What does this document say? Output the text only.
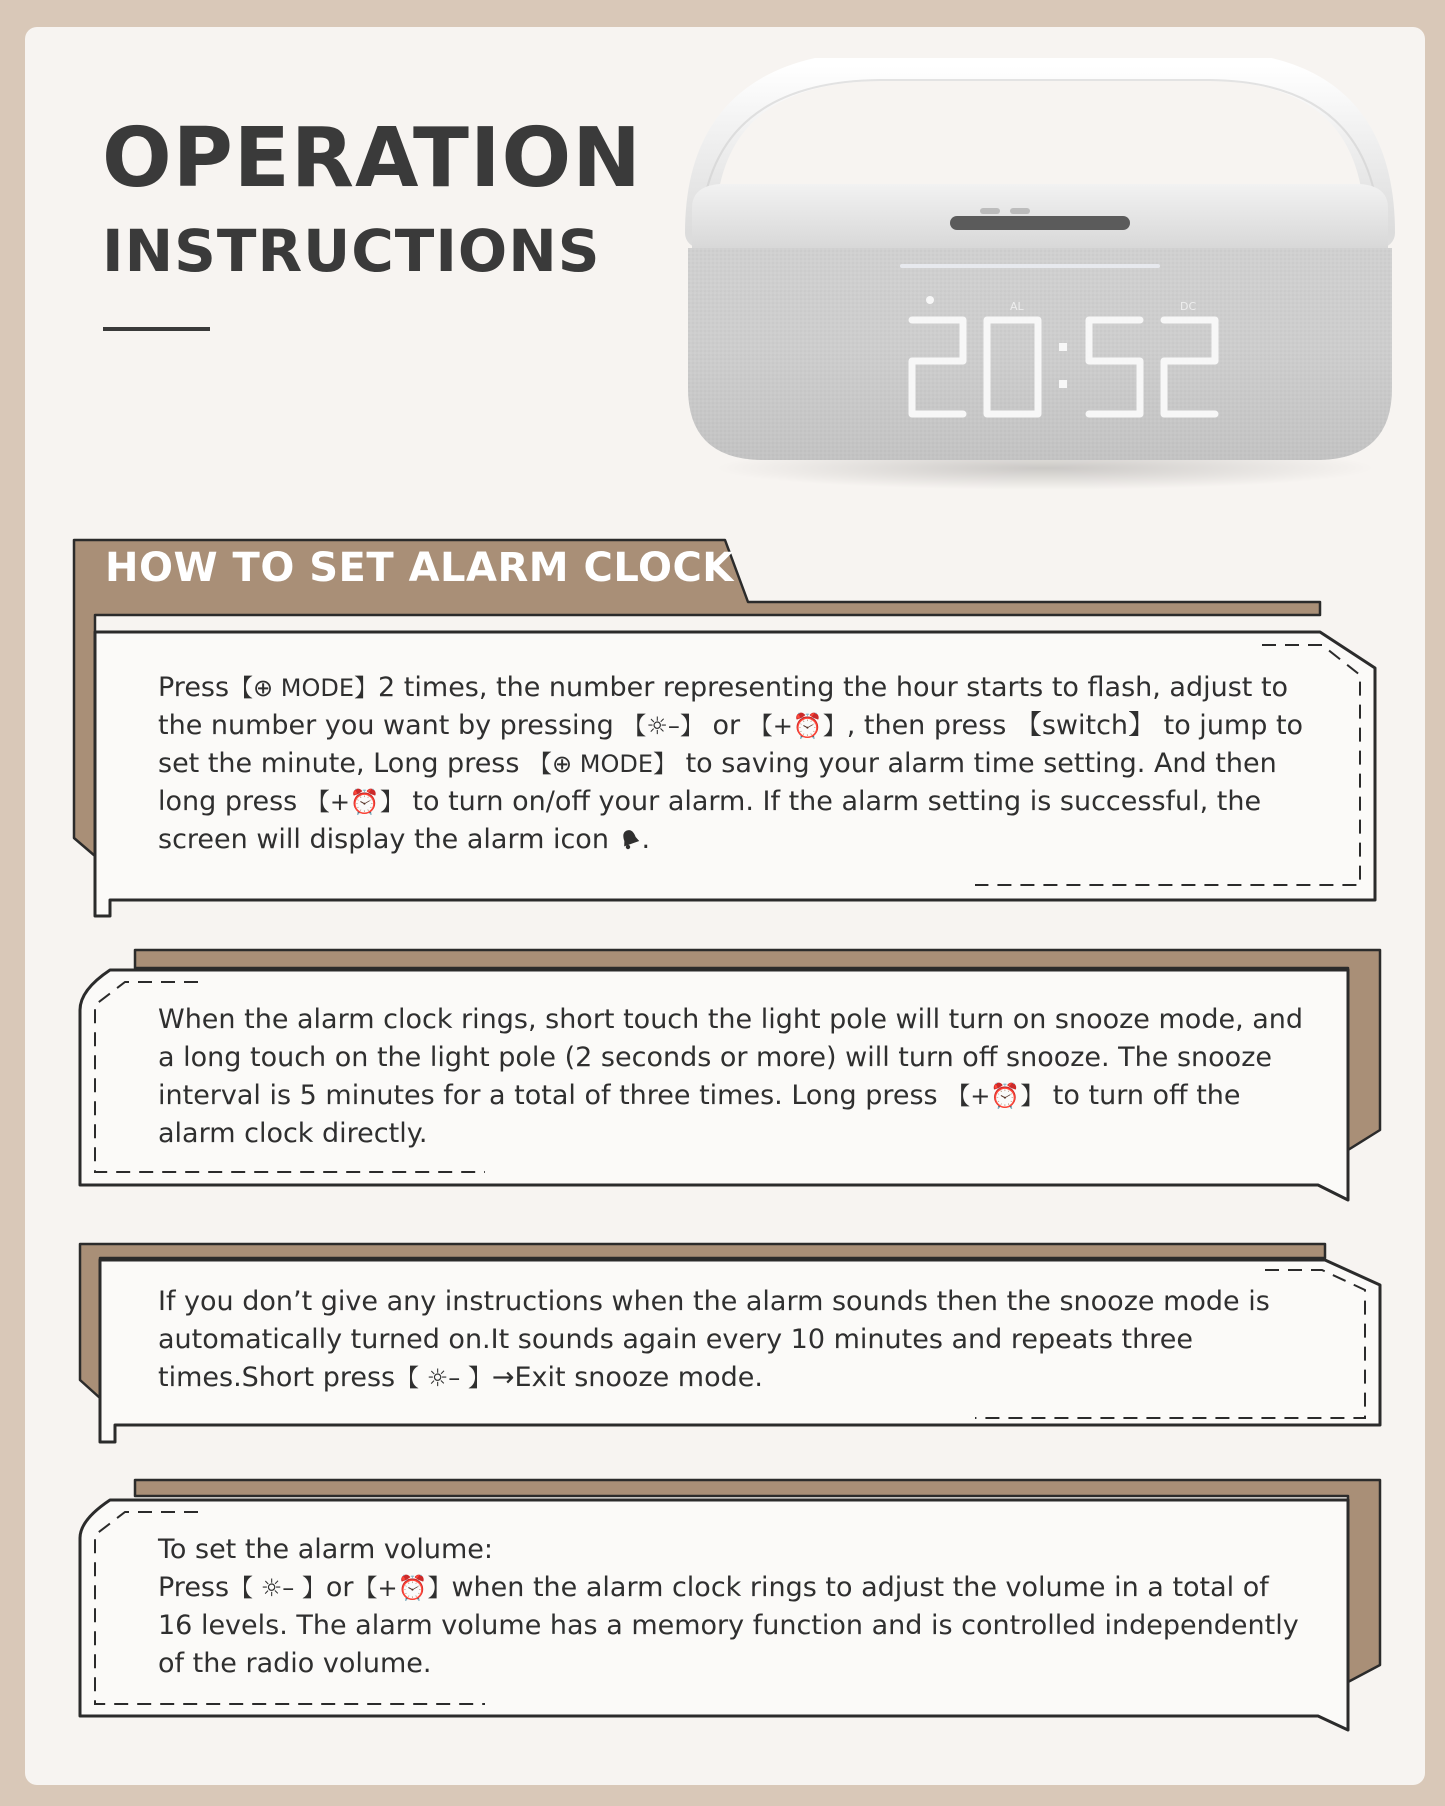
OPERATION
INSTRUCTIONS
AL	DC
HOW TO SET ALARM CLOCK

Press【⊕ MODE】2 times, the number representing the hour starts to flash, adjust to the number you want by pressing 【☼–】 or 【+⏰】, then press 【switch】 to jump to set the minute, Long press 【⊕ MODE】 to saving your alarm time setting. And then long press 【+⏰】 to turn on/off your alarm. If the alarm setting is successful, the screen will display the alarm icon .

When the alarm clock rings, short touch the light pole will turn on snooze mode, and a long touch on the light pole (2 seconds or more) will turn off snooze. The snooze interval is 5 minutes for a total of three times. Long press 【+⏰】 to turn off the alarm clock directly.

If you don’t give any instructions when the alarm sounds then the snooze mode is automatically turned on.It sounds again every 10 minutes and repeats three times.Short press【 ☼– 】→Exit snooze mode.

To set the alarm volume:

Press【 ☼– 】or【+⏰】when the alarm clock rings to adjust the volume in a total of 16 levels. The alarm volume has a memory function and is controlled independently of the radio volume.
